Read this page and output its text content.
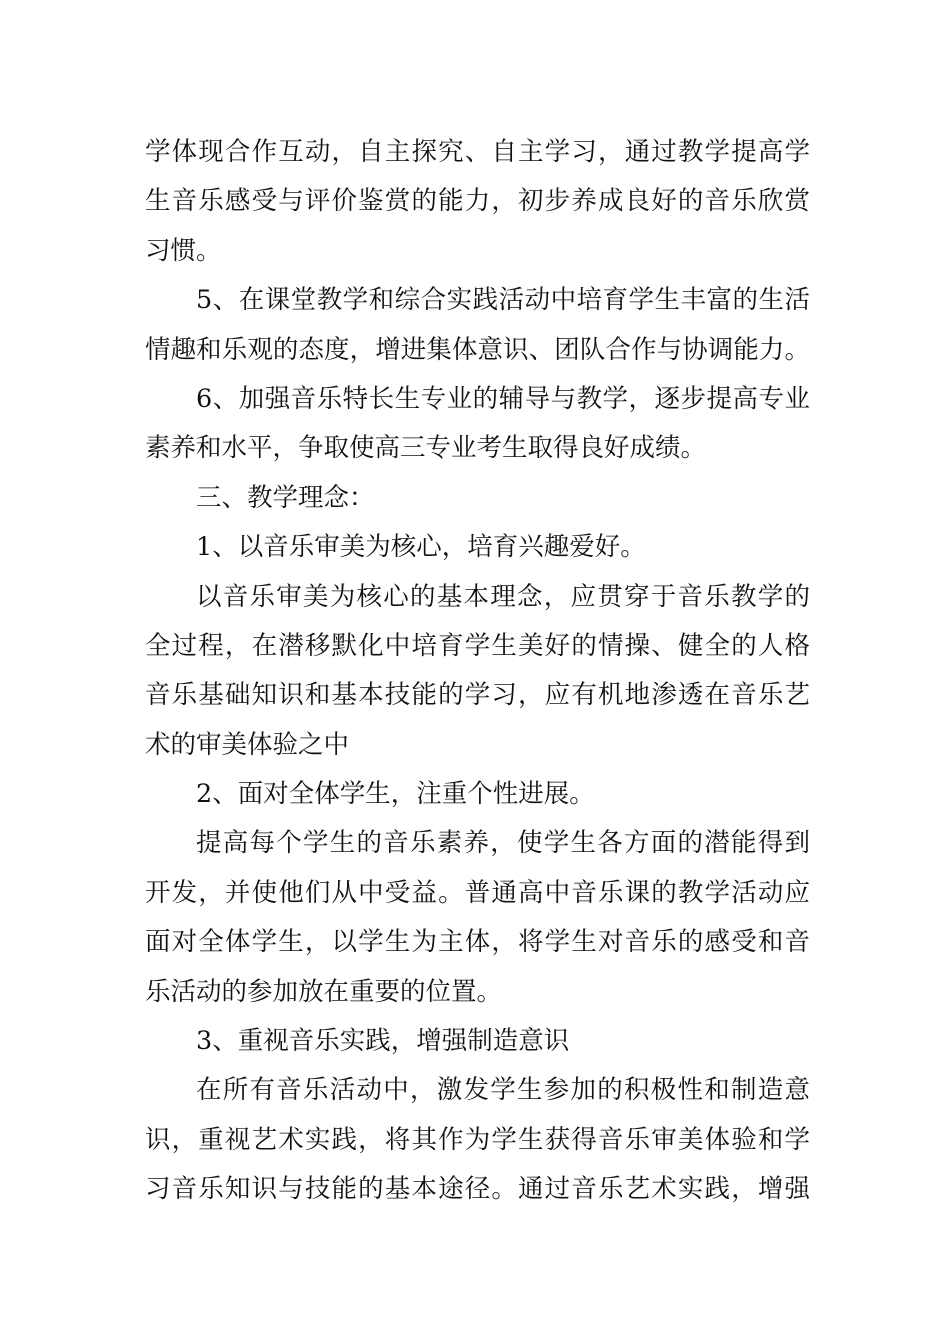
学体现合作互动，自主探究、自主学习，通过教学提高学
生音乐感受与评价鉴赏的能力，初步养成良好的音乐欣赏
习惯。
5、在课堂教学和综合实践活动中培育学生丰富的生活
情趣和乐观的态度，增进集体意识、团队合作与协调能力。
6、加强音乐特长生专业的辅导与教学，逐步提高专业
素养和水平，争取使高三专业考生取得良好成绩。
三、教学理念：
1、以音乐审美为核心，培育兴趣爱好。
以音乐审美为核心的基本理念，应贯穿于音乐教学的
全过程，在潜移默化中培育学生美好的情操、健全的人格
音乐基础知识和基本技能的学习，应有机地渗透在音乐艺
术的审美体验之中
2、面对全体学生，注重个性进展。
提高每个学生的音乐素养，使学生各方面的潜能得到
开发，并使他们从中受益。普通高中音乐课的教学活动应
面对全体学生，以学生为主体，将学生对音乐的感受和音
乐活动的参加放在重要的位置。
3、重视音乐实践，增强制造意识
在所有音乐活动中，激发学生参加的积极性和制造意
识，重视艺术实践，将其作为学生获得音乐审美体验和学
习音乐知识与技能的基本途径。通过音乐艺术实践，增强
